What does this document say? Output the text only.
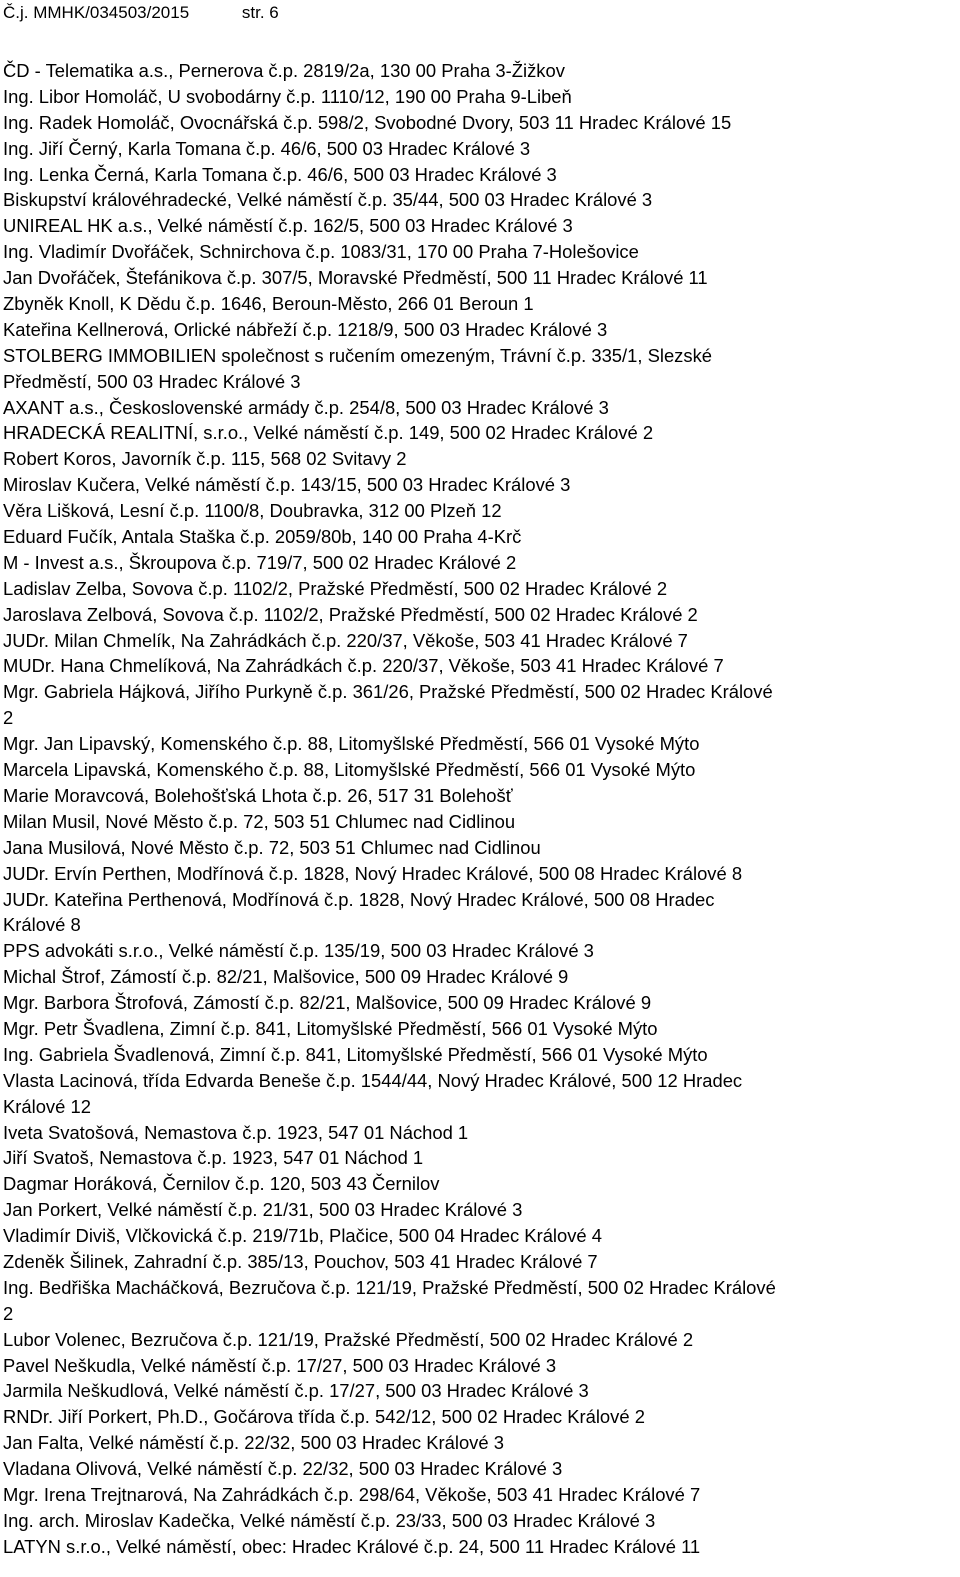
Č.j. MMHK/034503/2015	str. 6
ČD - Telematika a.s., Pernerova č.p. 2819/2a, 130 00 Praha 3-Žižkov
Ing. Libor Homoláč, U svobodárny č.p. 1110/12, 190 00 Praha 9-Libeň
Ing. Radek Homoláč, Ovocnářská č.p. 598/2, Svobodné Dvory, 503 11 Hradec Králové 15
Ing. Jiří Černý, Karla Tomana č.p. 46/6, 500 03 Hradec Králové 3
Ing. Lenka Černá, Karla Tomana č.p. 46/6, 500 03 Hradec Králové 3
Biskupství královéhradecké, Velké náměstí č.p. 35/44, 500 03 Hradec Králové 3
UNIREAL HK a.s., Velké náměstí č.p. 162/5, 500 03 Hradec Králové 3
Ing. Vladimír Dvořáček, Schnirchova č.p. 1083/31, 170 00 Praha 7-Holešovice
Jan Dvořáček, Štefánikova č.p. 307/5, Moravské Předměstí, 500 11 Hradec Králové 11
Zbyněk Knoll, K Dědu č.p. 1646, Beroun-Město, 266 01 Beroun 1
Kateřina Kellnerová, Orlické nábřeží č.p. 1218/9, 500 03 Hradec Králové 3
STOLBERG IMMOBILIEN společnost s ručením omezeným, Trávní č.p. 335/1, Slezské
Předměstí, 500 03 Hradec Králové 3
AXANT a.s., Československé armády č.p. 254/8, 500 03 Hradec Králové 3
HRADECKÁ REALITNÍ, s.r.o., Velké náměstí č.p. 149, 500 02 Hradec Králové 2
Robert Koros, Javorník č.p. 115, 568 02 Svitavy 2
Miroslav Kučera, Velké náměstí č.p. 143/15, 500 03 Hradec Králové 3
Věra Lišková, Lesní č.p. 1100/8, Doubravka, 312 00 Plzeň 12
Eduard Fučík, Antala Staška č.p. 2059/80b, 140 00 Praha 4-Krč
M - Invest a.s., Škroupova č.p. 719/7, 500 02 Hradec Králové 2
Ladislav Zelba, Sovova č.p. 1102/2, Pražské Předměstí, 500 02 Hradec Králové 2
Jaroslava Zelbová, Sovova č.p. 1102/2, Pražské Předměstí, 500 02 Hradec Králové 2
JUDr. Milan Chmelík, Na Zahrádkách č.p. 220/37, Věkoše, 503 41 Hradec Králové 7
MUDr. Hana Chmelíková, Na Zahrádkách č.p. 220/37, Věkoše, 503 41 Hradec Králové 7
Mgr. Gabriela Hájková, Jiřího Purkyně č.p. 361/26, Pražské Předměstí, 500 02 Hradec Králové
2
Mgr. Jan Lipavský, Komenského č.p. 88, Litomyšlské Předměstí, 566 01 Vysoké Mýto
Marcela Lipavská, Komenského č.p. 88, Litomyšlské Předměstí, 566 01 Vysoké Mýto
Marie Moravcová, Bolehošťská Lhota č.p. 26, 517 31 Bolehošť
Milan Musil, Nové Město č.p. 72, 503 51 Chlumec nad Cidlinou
Jana Musilová, Nové Město č.p. 72, 503 51 Chlumec nad Cidlinou
JUDr. Ervín Perthen, Modřínová č.p. 1828, Nový Hradec Králové, 500 08 Hradec Králové 8
JUDr. Kateřina Perthenová, Modřínová č.p. 1828, Nový Hradec Králové, 500 08 Hradec
Králové 8
PPS advokáti s.r.o., Velké náměstí č.p. 135/19, 500 03 Hradec Králové 3
Michal Štrof, Zámostí č.p. 82/21, Malšovice, 500 09 Hradec Králové 9
Mgr. Barbora Štrofová, Zámostí č.p. 82/21, Malšovice, 500 09 Hradec Králové 9
Mgr. Petr Švadlena, Zimní č.p. 841, Litomyšlské Předměstí, 566 01 Vysoké Mýto
Ing. Gabriela Švadlenová, Zimní č.p. 841, Litomyšlské Předměstí, 566 01 Vysoké Mýto
Vlasta Lacinová, třída Edvarda Beneše č.p. 1544/44, Nový Hradec Králové, 500 12 Hradec
Králové 12
Iveta Svatošová, Nemastova č.p. 1923, 547 01 Náchod 1
Jiří Svatoš, Nemastova č.p. 1923, 547 01 Náchod 1
Dagmar Horáková, Černilov č.p. 120, 503 43 Černilov
Jan Porkert, Velké náměstí č.p. 21/31, 500 03 Hradec Králové 3
Vladimír Diviš, Vlčkovická č.p. 219/71b, Plačice, 500 04 Hradec Králové 4
Zdeněk Šilinek, Zahradní č.p. 385/13, Pouchov, 503 41 Hradec Králové 7
Ing. Bedřiška Macháčková, Bezručova č.p. 121/19, Pražské Předměstí, 500 02 Hradec Králové
2
Lubor Volenec, Bezručova č.p. 121/19, Pražské Předměstí, 500 02 Hradec Králové 2
Pavel Neškudla, Velké náměstí č.p. 17/27, 500 03 Hradec Králové 3
Jarmila Neškudlová, Velké náměstí č.p. 17/27, 500 03 Hradec Králové 3
RNDr. Jiří Porkert, Ph.D., Gočárova třída č.p. 542/12, 500 02 Hradec Králové 2
Jan Falta, Velké náměstí č.p. 22/32, 500 03 Hradec Králové 3
Vladana Olivová, Velké náměstí č.p. 22/32, 500 03 Hradec Králové 3
Mgr. Irena Trejtnarová, Na Zahrádkách č.p. 298/64, Věkoše, 503 41 Hradec Králové 7
Ing. arch. Miroslav Kadečka, Velké náměstí č.p. 23/33, 500 03 Hradec Králové 3
LATYN s.r.o., Velké náměstí, obec: Hradec Králové č.p. 24, 500 11 Hradec Králové 11
